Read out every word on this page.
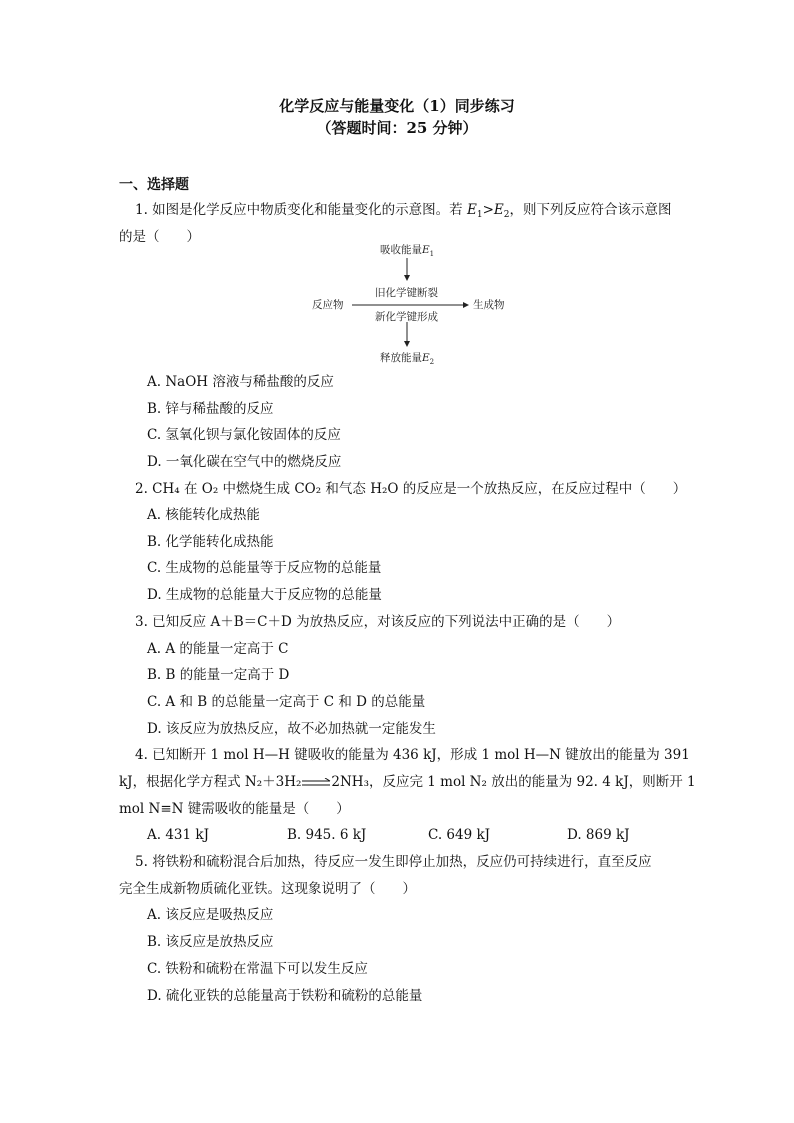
化学反应与能量变化（1）同步练习
（答题时间：25 分钟）
一、选择题
1. 如图是化学反应中物质变化和能量变化的示意图。若 $E_1>E_2$，则下列反应符合该示意图
的是（　　）
吸收能量$E_1$
旧化学键断裂
反应物	生成物
新化学键形成
释放能量$E_2$
A. NaOH 溶液与稀盐酸的反应
B. 锌与稀盐酸的反应
C. 氢氧化钡与氯化铵固体的反应
D. 一氧化碳在空气中的燃烧反应
2. CH₄ 在 O₂ 中燃烧生成 CO₂ 和气态 H₂O 的反应是一个放热反应，在反应过程中（　　）
A. 核能转化成热能
B. 化学能转化成热能
C. 生成物的总能量等于反应物的总能量
D. 生成物的总能量大于反应物的总能量
3. 已知反应 A＋B＝C＋D 为放热反应，对该反应的下列说法中正确的是（　　）
A. A 的能量一定高于 C
B. B 的能量一定高于 D
C. A 和 B 的总能量一定高于 C 和 D 的总能量
D. 该反应为放热反应，故不必加热就一定能发生
4. 已知断开 1 mol H—H 键吸收的能量为 436 kJ，形成 1 mol H—N 键放出的能量为 391
kJ，根据化学方程式 N₂＋3H₂ 2NH₃，反应完 1 mol N₂ 放出的能量为 92. 4 kJ，则断开 1
mol N≡N 键需吸收的能量是（　　）
A. 431 kJ	B. 945. 6 kJ	C. 649 kJ	D. 869 kJ
5. 将铁粉和硫粉混合后加热，待反应一发生即停止加热，反应仍可持续进行，直至反应
完全生成新物质硫化亚铁。这现象说明了（　　）
A. 该反应是吸热反应
B. 该反应是放热反应
C. 铁粉和硫粉在常温下可以发生反应
D. 硫化亚铁的总能量高于铁粉和硫粉的总能量
